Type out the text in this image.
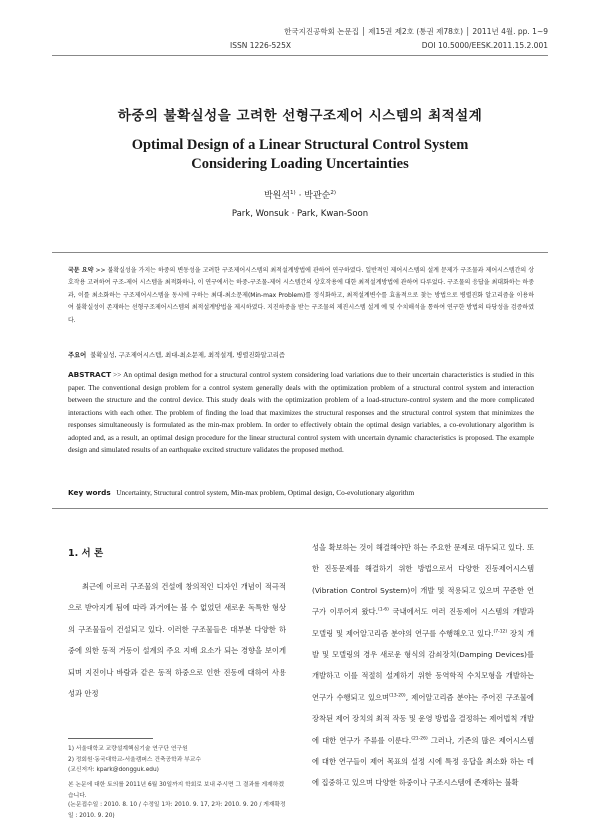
한국지진공학회 논문집 │ 제15권 제2호 (통권 제78호) │ 2011년 4월. pp. 1~9
ISSN 1226-525X	DOI 10.5000/EESK.2011.15.2.001
하중의 불확실성을 고려한 선형구조제어 시스템의 최적설계
Optimal Design of a Linear Structural Control System
Considering Loading Uncertainties
박원석$^{1)}$ · 박관순$^{2)}$
Park, Wonsuk · Park, Kwan-Soon
국문 요약 >> 불확실성을 가지는 하중의 변동성을 고려한 구조제어시스템의 최적설계방법에 관하여 연구하였다. 일반적인 제어시스템의 설계 문제가 구조물과 제어시스템간의 상호작용 고려하여 구조-제어 시스템을 최적화하나, 이 연구에서는 하중-구조물-제어 시스템간의 상호작용에 대한 최적설계방법에 관하여 다루었다. 구조물의 응답을 최대화하는 하중과, 이를 최소화하는 구조제어시스템을 동시에 구하는 최대-최소문제(Min-max Problem)를 정식화하고, 최적설계변수를 효율적으로 찾는 방법으로 병렬진화 알고리즘을 이용하여 불확실성이 존재하는 선형구조제어시스템의 최적설계방법을 제시하였다. 지진하중을 받는 구조물의 제진시스템 설계 예 및 수치해석을 통하여 연구한 방법의 타당성을 검증하였다.
주요어 불확실성, 구조제어시스템, 최대-최소문제, 최적설계, 병렬진화알고리즘
ABSTRACT >> An optimal design method for a structural control system considering load variations due to their uncertain characteristics is studied in this paper. The conventional design problem for a control system generally deals with the optimization problem of a structural control system and interaction between the structure and the control device. This study deals with the optimization problem of a load-structure-control system and the more complicated interactions with each other. The problem of finding the load that maximizes the structural responses and the structural control system that minimizes the responses simultaneously is formulated as the min-max problem. In order to effectively obtain the optimal design variables, a co-evolutionary algorithm is adopted and, as a result, an optimal design procedure for the linear structural control system with uncertain dynamic characteristics is proposed. The example design and simulated results of an earthquake excited structure validates the proposed method.
Key words Uncertainty, Structural control system, Min-max problem, Optimal design, Co-evolutionary algorithm
1. 서 론
최근에 이르러 구조물의 건설에 창의적인 디자인 개념이 적극적으로 받아지게 됨에 따라 과거에는 볼 수 없었던 새로운 독특한 형상의 구조물들이 건설되고 있다. 이러한 구조물들은 대부분 다양한 하중에 의한 동적 거동이 설계의 주요 지배 요소가 되는 경향을 보이게 되며 지진이나 바람과 같은 동적 하중으로 인한 진동에 대하여 사용성과 안정
성을 확보하는 것이 해결해야만 하는 주요한 문제로 대두되고 있다. 또한 진동문제를 해결하기 위한 방법으로서 다양한 진동제어시스템(Vibration Control System)이 개발 및 적용되고 있으며 꾸준한 연구가 이루어져 왔다.$^{(1-6)}$ 국내에서도 여러 진동제어 시스템의 개발과 모델링 및 제어알고리즘 분야의 연구를 수행해오고 있다.$^{(7-12)}$ 장치 개발 및 모델링의 경우 새로운 형식의 감쇠장치(Damping Devices)를 개발하고 이를 적절히 설계하기 위한 동역학적 수치모형을 개발하는 연구가 수행되고 있으며$^{(13-20)}$, 제어알고리즘 분야는 주어진 구조물에 장착된 제어 장치의 최적 작동 및 운영 방법을 결정하는 제어법칙 개발에 대한 연구가 주류를 이룬다.$^{(21-26)}$ 그러나, 기존의 많은 제어시스템에 대한 연구들이 제어 목표의 설정 시에 특정 응답을 최소화 하는 데에 집중하고 있으며 다양한 하중이나 구조시스템에 존재하는 불확
1) 서울대학교 교량설계핵심기술 연구단 연구원
2) 정회원·동국대학교-서울캠퍼스 건축공학과 부교수
(교신저자: kpark@dongguk.edu)
본 논문에 대한 토의를 2011년 6월 30일까지 학회로 보내 주시면 그 결과를 게재하겠습니다.
(논문접수일 : 2010. 8. 10 / 수정일 1차: 2010. 9. 17, 2차: 2010. 9. 20 / 게재확정일 : 2010. 9. 20)
